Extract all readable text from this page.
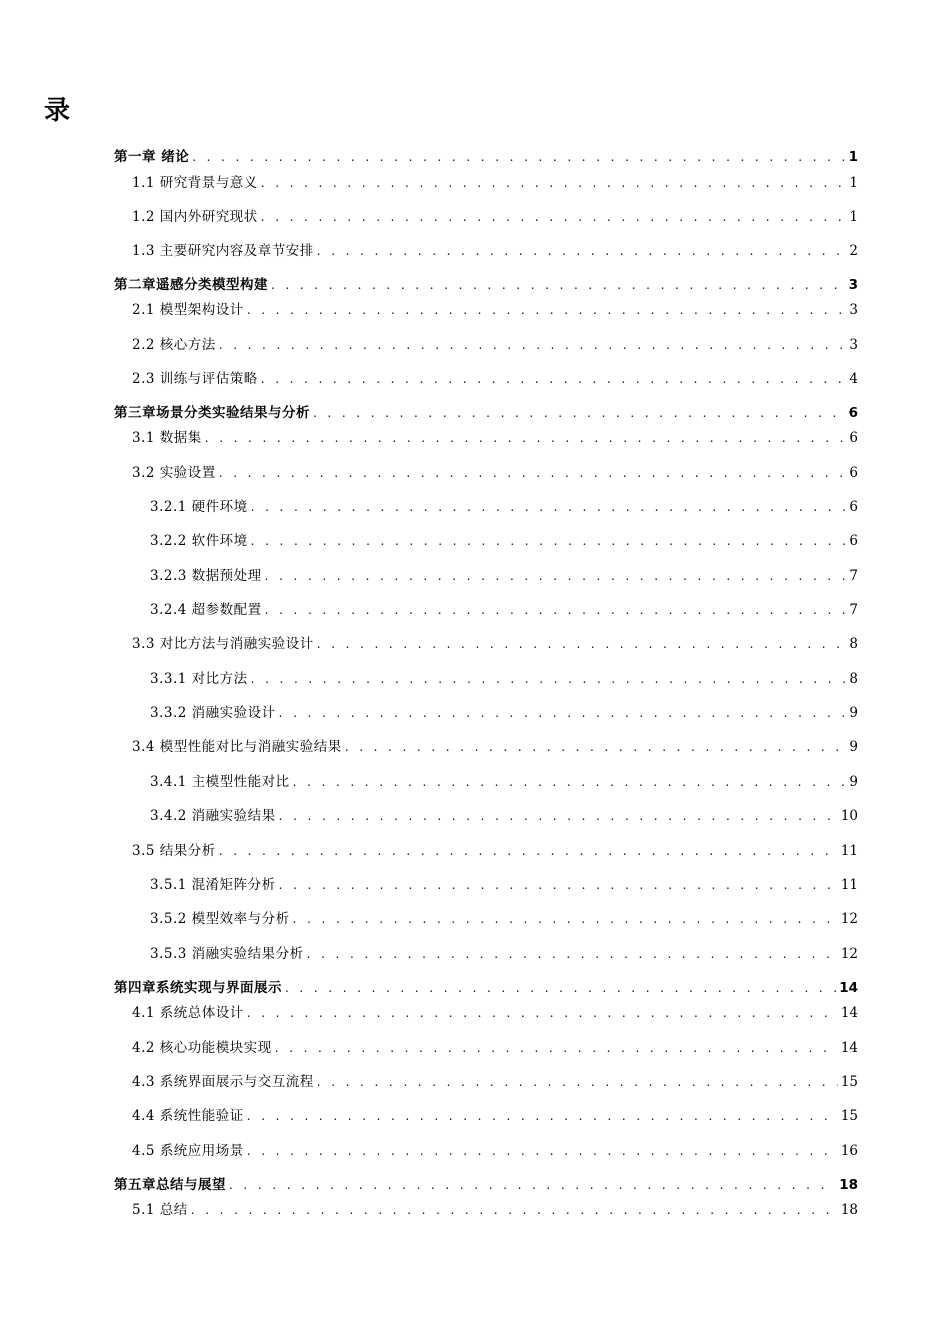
录
第一章 绪论 . . .	1
1.1 研究背景与意义 . . .	1
1.2 国内外研究现状 . . .	1
1.3 主要研究内容及章节安排 . . .	2
第二章遥感分类模型构建 . . .	3
2.1 模型架构设计 . . .	3
2.2 核心方法 . . .	3
2.3 训练与评估策略 . . .	4
第三章场景分类实验结果与分析 . . .	6
3.1 数据集 . . .	6
3.2 实验设置 . . .	6
3.2.1 硬件环境 . . .	6
3.2.2 软件环境 . . .	6
3.2.3 数据预处理 . . .	7
3.2.4 超参数配置 . . .	7
3.3 对比方法与消融实验设计 . . .	8
3.3.1 对比方法 . . .	8
3.3.2 消融实验设计 . . .	9
3.4 模型性能对比与消融实验结果 . . .	9
3.4.1 主模型性能对比 . . .	9
3.4.2 消融实验结果 . . .	10
3.5 结果分析 . . .	11
3.5.1 混淆矩阵分析 . . .	11
3.5.2 模型效率与分析 . . .	12
3.5.3 消融实验结果分析 . . .	12
第四章系统实现与界面展示 . . .	14
4.1 系统总体设计 . . .	14
4.2 核心功能模块实现 . . .	14
4.3 系统界面展示与交互流程 . . .	15
4.4 系统性能验证 . . .	15
4.5 系统应用场景 . . .	16
第五章总结与展望 . . .	18
5.1 总结 . . .	18
